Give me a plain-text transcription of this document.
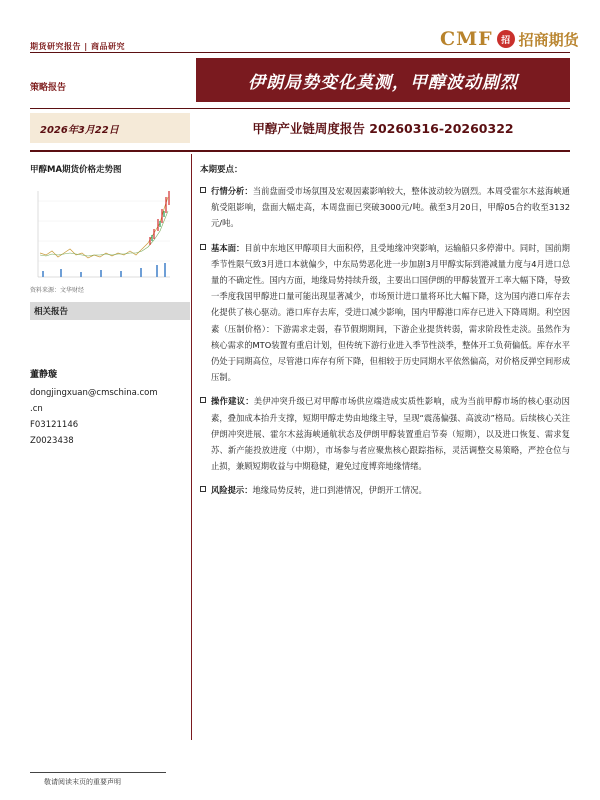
期货研究报告 | 商品研究	CMF 招 招商期货
策略报告	伊朗局势变化莫测，甲醇波动剧烈
2026年3月22日	甲醇产业链周度报告 20260316-20260322
甲醇MA期货价格走势图
资料来源：文华财经
相关报告
董静璇
dongjingxuan@cmschina.com
.cn
F03121146
Z0023438
本期要点：
行情分析：当前盘面受市场氛围及宏观因素影响较大，整体波动较为剧烈。本周受霍尔木兹海峡通航受阻影响，盘面大幅走高，本周盘面已突破3000元/吨。截至3月20日，甲醇05合约收至3132元/吨。
基本面：目前中东地区甲醇项目大面积停，且受地缘冲突影响，运输船只多停滞中。同时，国前期季节性限气致3月进口本就偏少，中东局势恶化进一步加剧3月甲醇实际到港减量力度与4月进口总量的不确定性。国内方面，地缘局势持续升级，主要出口国伊朗的甲醇装置开工率大幅下降，导致一季度我国甲醇进口量可能出现显著减少，市场预计进口量将环比大幅下降，这为国内港口库存去化提供了核心驱动。港口库存去库，受进口减少影响，国内甲醇港口库存已进入下降周期。利空因素（压制价格）：下游需求走弱，春节假期期间，下游企业提货转弱，需求阶段性走淡。虽然作为核心需求的MTO装置有重启计划，但传统下游行业进入季节性淡季，整体开工负荷偏低。库存水平仍处于同期高位，尽管港口库存有所下降，但相较于历史同期水平依然偏高，对价格反弹空间形成压制。
操作建议：美伊冲突升级已对甲醇市场供应端造成实质性影响，成为当前甲醇市场的核心驱动因素，叠加成本抬升支撑，短期甲醇走势由地缘主导，呈现“震荡偏强、高波动”格局。后续核心关注伊朗冲突进展、霍尔木兹海峡通航状态及伊朗甲醇装置重启节奏（短期），以及进口恢复、需求复苏、新产能投放进度（中期），市场参与者应聚焦核心跟踪指标，灵活调整交易策略，严控仓位与止损，兼顾短期收益与中期稳健，避免过度博弈地缘情绪。
风险提示：地缘局势反转，进口到港情况，伊朗开工情况。
敬请阅读末页的重要声明
